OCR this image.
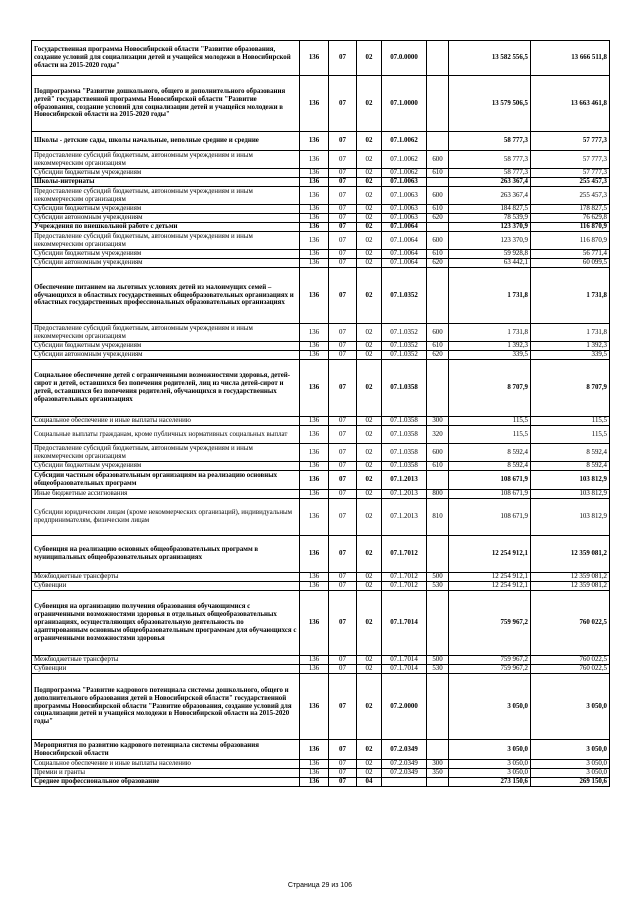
Государственная программа Новосибирской области "Развитие образования, создание условий для социализации детей и учащейся молодежи в Новосибирской области на 2015-2020 годы"	136	07	02	07.0.0000		13 582 556,5	13 666 511,8
Подпрограмма "Развитие дошкольного, общего и дополнительного образования детей" государственной программы Новосибирской области "Развитие образования, создание условий для социализации детей и учащейся молодежи в Новосибирской области на 2015-2020 годы"	136	07	02	07.1.0000		13 579 506,5	13 663 461,8
Школы - детские сады, школы начальные, неполные средние и средние	136	07	02	07.1.0062		58 777,3	57 777,3
Предоставление субсидий бюджетным, автономным учреждениям и иным некоммерческим организациям	136	07	02	07.1.0062	600	58 777,3	57 777,3
Субсидии бюджетным учреждениям	136	07	02	07.1.0062	610	58 777,3	57 777,3
Школы-интернаты	136	07	02	07.1.0063		263 367,4	255 457,3
Предоставление субсидий бюджетным, автономным учреждениям и иным некоммерческим организациям	136	07	02	07.1.0063	600	263 367,4	255 457,3
Субсидии бюджетным учреждениям	136	07	02	07.1.0063	610	184 827,5	178 827,5
Субсидии автономным учреждениям	136	07	02	07.1.0063	620	78 539,9	76 629,8
Учреждения по внешкольной работе с детьми	136	07	02	07.1.0064		123 370,9	116 870,9
Предоставление субсидий бюджетным, автономным учреждениям и иным некоммерческим организациям	136	07	02	07.1.0064	600	123 370,9	116 870,9
Субсидии бюджетным учреждениям	136	07	02	07.1.0064	610	59 928,8	56 771,4
Субсидии автономным учреждениям	136	07	02	07.1.0064	620	63 442,1	60 099,5
Обеспечение питанием на льготных условиях детей из малоимущих семей – обучающихся в областных государственных общеобразовательных организациях и областных государственных профессиональных образовательных организациях	136	07	02	07.1.0352		1 731,8	1 731,8
Предоставление субсидий бюджетным, автономным учреждениям и иным некоммерческим организациям	136	07	02	07.1.0352	600	1 731,8	1 731,8
Субсидии бюджетным учреждениям	136	07	02	07.1.0352	610	1 392,3	1 392,3
Субсидии автономным учреждениям	136	07	02	07.1.0352	620	339,5	339,5
Социальное обеспечение детей с ограниченными возможностями здоровья, детей-сирот и детей, оставшихся без попечения родителей, лиц из числа детей-сирот и детей, оставшихся без попечения родителей, обучающихся в государственных образовательных организациях	136	07	02	07.1.0358		8 707,9	8 707,9
Социальное обеспечение и иные выплаты населению	136	07	02	07.1.0358	300	115,5	115,5
Социальные выплаты гражданам, кроме публичных нормативных социальных выплат	136	07	02	07.1.0358	320	115,5	115,5
Предоставление субсидий бюджетным, автономным учреждениям и иным некоммерческим организациям	136	07	02	07.1.0358	600	8 592,4	8 592,4
Субсидии бюджетным учреждениям	136	07	02	07.1.0358	610	8 592,4	8 592,4
Субсидии частным образовательным организациям на реализацию основных общеобразовательных программ	136	07	02	07.1.2013		108 671,9	103 812,9
Иные бюджетные ассигнования	136	07	02	07.1.2013	800	108 671,9	103 812,9
Субсидии юридическим лицам (кроме некоммерческих организаций), индивидуальным предпринимателям, физическим лицам	136	07	02	07.1.2013	810	108 671,9	103 812,9
Субвенция на реализацию основных общеобразовательных программ в муниципальных общеобразовательных организациях	136	07	02	07.1.7012		12 254 912,1	12 359 081,2
Межбюджетные трансферты	136	07	02	07.1.7012	500	12 254 912,1	12 359 081,2
Субвенции	136	07	02	07.1.7012	530	12 254 912,1	12 359 081,2
Субвенция на организацию получения образования обучающимися с ограниченными возможностями здоровья в отдельных общеобразовательных организациях, осуществляющих образовательную деятельность по адаптированным основным общеобразовательным программам для обучающихся с ограниченными возможностями здоровья	136	07	02	07.1.7014		759 967,2	760 022,5
Межбюджетные трансферты	136	07	02	07.1.7014	500	759 967,2	760 022,5
Субвенции	136	07	02	07.1.7014	530	759 967,2	760 022,5
Подпрограмма "Развитие кадрового потенциала системы дошкольного, общего и дополнительного образования детей в Новосибирской области" государственной программы Новосибирской области "Развитие образования, создание условий для социализации детей и учащейся молодежи в Новосибирской области на 2015-2020 годы"	136	07	02	07.2.0000		3 050,0	3 050,0
Мероприятия по развитию кадрового потенциала системы образования Новосибирской области	136	07	02	07.2.0349		3 050,0	3 050,0
Социальное обеспечение и иные выплаты населению	136	07	02	07.2.0349	300	3 050,0	3 050,0
Премии и гранты	136	07	02	07.2.0349	350	3 050,0	3 050,0
Среднее профессиональное образование	136	07	04			273 150,6	269 150,6
Страница 29 из 106
